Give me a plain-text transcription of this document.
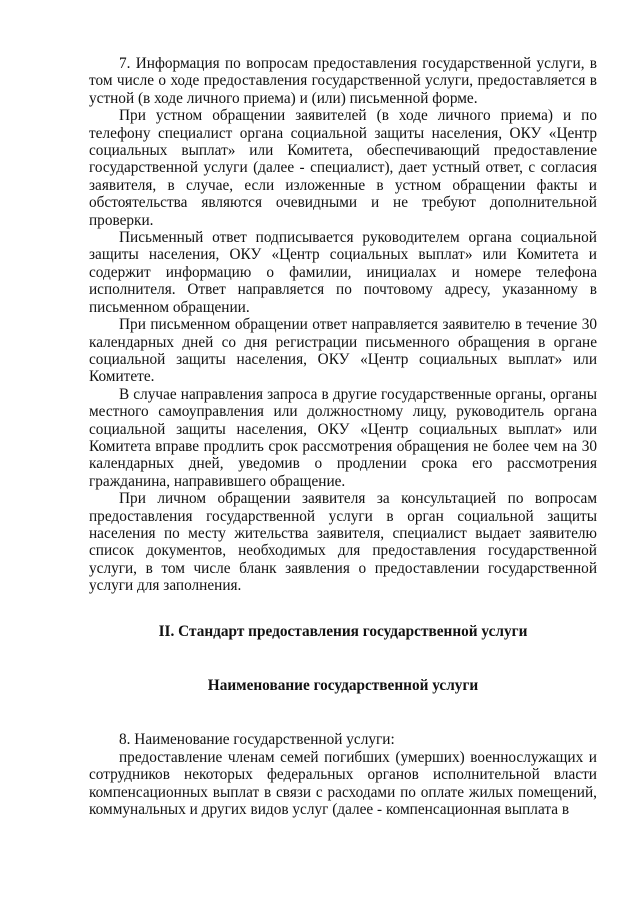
7. Информация по вопросам предоставления государственной услуги, в том числе о ходе предоставления государственной услуги, предоставляется в устной (в ходе личного приема) и (или) письменной форме.

При устном обращении заявителей (в ходе личного приема) и по телефону специалист органа социальной защиты населения, ОКУ «Центр социальных выплат» или Комитета, обеспечивающий предоставление государственной услуги (далее - специалист), дает устный ответ, с согласия заявителя, в случае, если изложенные в устном обращении факты и обстоятельства являются очевидными и не требуют дополнительной проверки.

Письменный ответ подписывается руководителем органа социальной защиты населения, ОКУ «Центр социальных выплат» или Комитета и содержит информацию о фамилии, инициалах и номере телефона исполнителя. Ответ направляется по почтовому адресу, указанному в письменном обращении.

При письменном обращении ответ направляется заявителю в течение 30 календарных дней со дня регистрации письменного обращения в органе социальной защиты населения, ОКУ «Центр социальных выплат» или Комитете.

В случае направления запроса в другие государственные органы, органы местного самоуправления или должностному лицу, руководитель органа социальной защиты населения, ОКУ «Центр социальных выплат» или Комитета вправе продлить срок рассмотрения обращения не более чем на 30 календарных дней, уведомив о продлении срока его рассмотрения гражданина, направившего обращение.

При личном обращении заявителя за консультацией по вопросам предоставления государственной услуги в орган социальной защиты населения по месту жительства заявителя, специалист выдает заявителю список документов, необходимых для предоставления государственной услуги, в том числе бланк заявления о предоставлении государственной услуги для заполнения.

II. Стандарт предоставления государственной услуги

Наименование государственной услуги

8. Наименование государственной услуги:

предоставление членам семей погибших (умерших) военнослужащих и сотрудников некоторых федеральных органов исполнительной власти компенсационных выплат в связи с расходами по оплате жилых помещений, коммунальных и других видов услуг (далее - компенсационная выплата в
